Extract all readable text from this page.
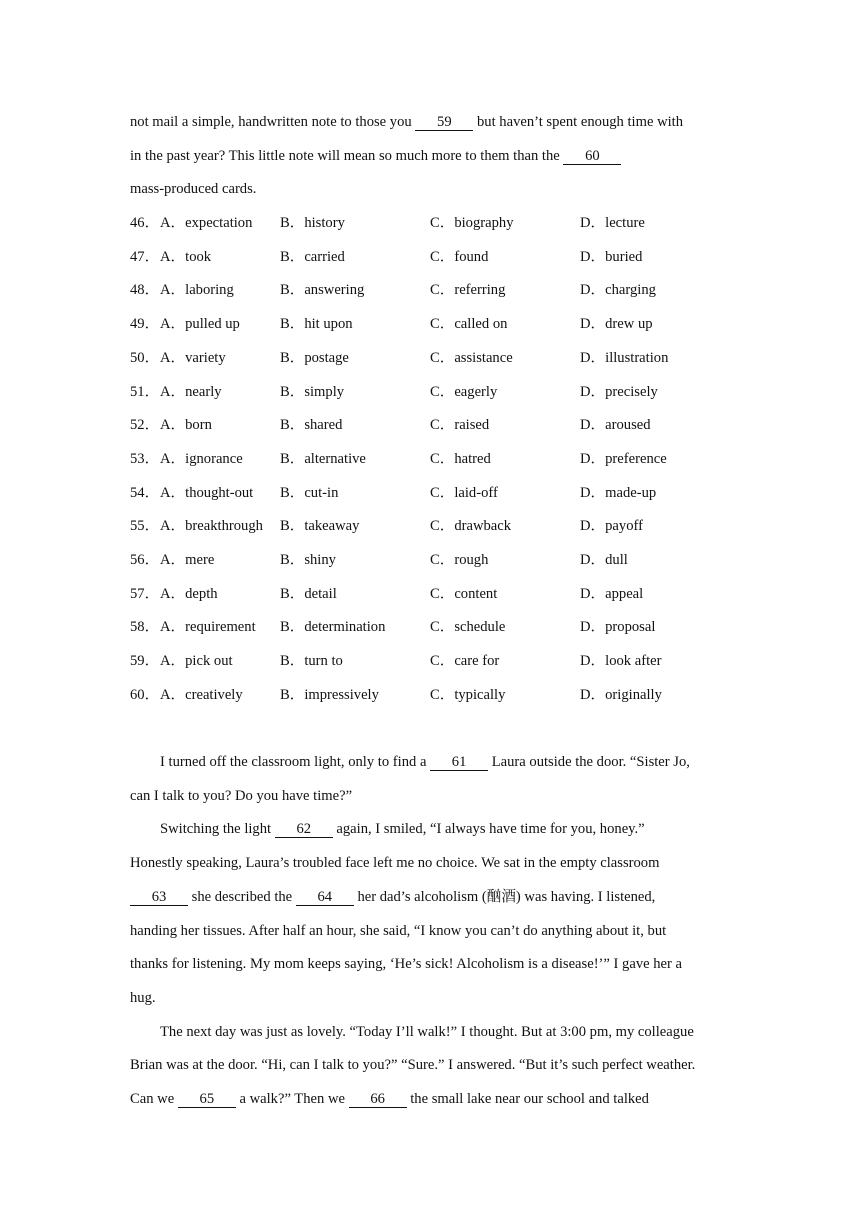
not mail a simple, handwritten note to those you 59 but haven’t spent enough time with
in the past year? This little note will mean so much more to them than the 60
mass-produced cards.
46． A．expectation	B．history	C．biography	D．lecture
47． A．took	B．carried	C．found	D．buried
48． A．laboring	B．answering	C．referring	D．charging
49． A．pulled up	B．hit upon	C．called on	D．drew up
50． A．variety	B．postage	C．assistance	D．illustration
51． A．nearly	B．simply	C．eagerly	D．precisely
52． A．born	B．shared	C．raised	D．aroused
53． A．ignorance	B．alternative	C．hatred	D．preference
54． A．thought-out	B．cut-in	C．laid-off	D．made-up
55． A．breakthrough	B．takeaway	C．drawback	D．payoff
56． A．mere	B．shiny	C．rough	D．dull
57． A．depth	B．detail	C．content	D．appeal
58． A．requirement	B．determination	C．schedule	D．proposal
59． A．pick out	B．turn to	C．care for	D．look after
60． A．creatively	B．impressively	C．typically	D．originally
I turned off the classroom light, only to find a 61 Laura outside the door. “Sister Jo,
can I talk to you? Do you have time?”
Switching the light 62 again, I smiled, “I always have time for you, honey.”
Honestly speaking, Laura’s troubled face left me no choice. We sat in the empty classroom
63 she described the 64 her dad’s alcoholism (酗酒) was having. I listened,
handing her tissues. After half an hour, she said, “I know you can’t do anything about it, but
thanks for listening. My mom keeps saying, ‘He’s sick! Alcoholism is a disease!’” I gave her a
hug.
The next day was just as lovely. “Today I’ll walk!” I thought. But at 3:00 pm, my colleague
Brian was at the door. “Hi, can I talk to you?” “Sure.” I answered. “But it’s such perfect weather.
Can we 65 a walk?” Then we 66 the small lake near our school and talked
